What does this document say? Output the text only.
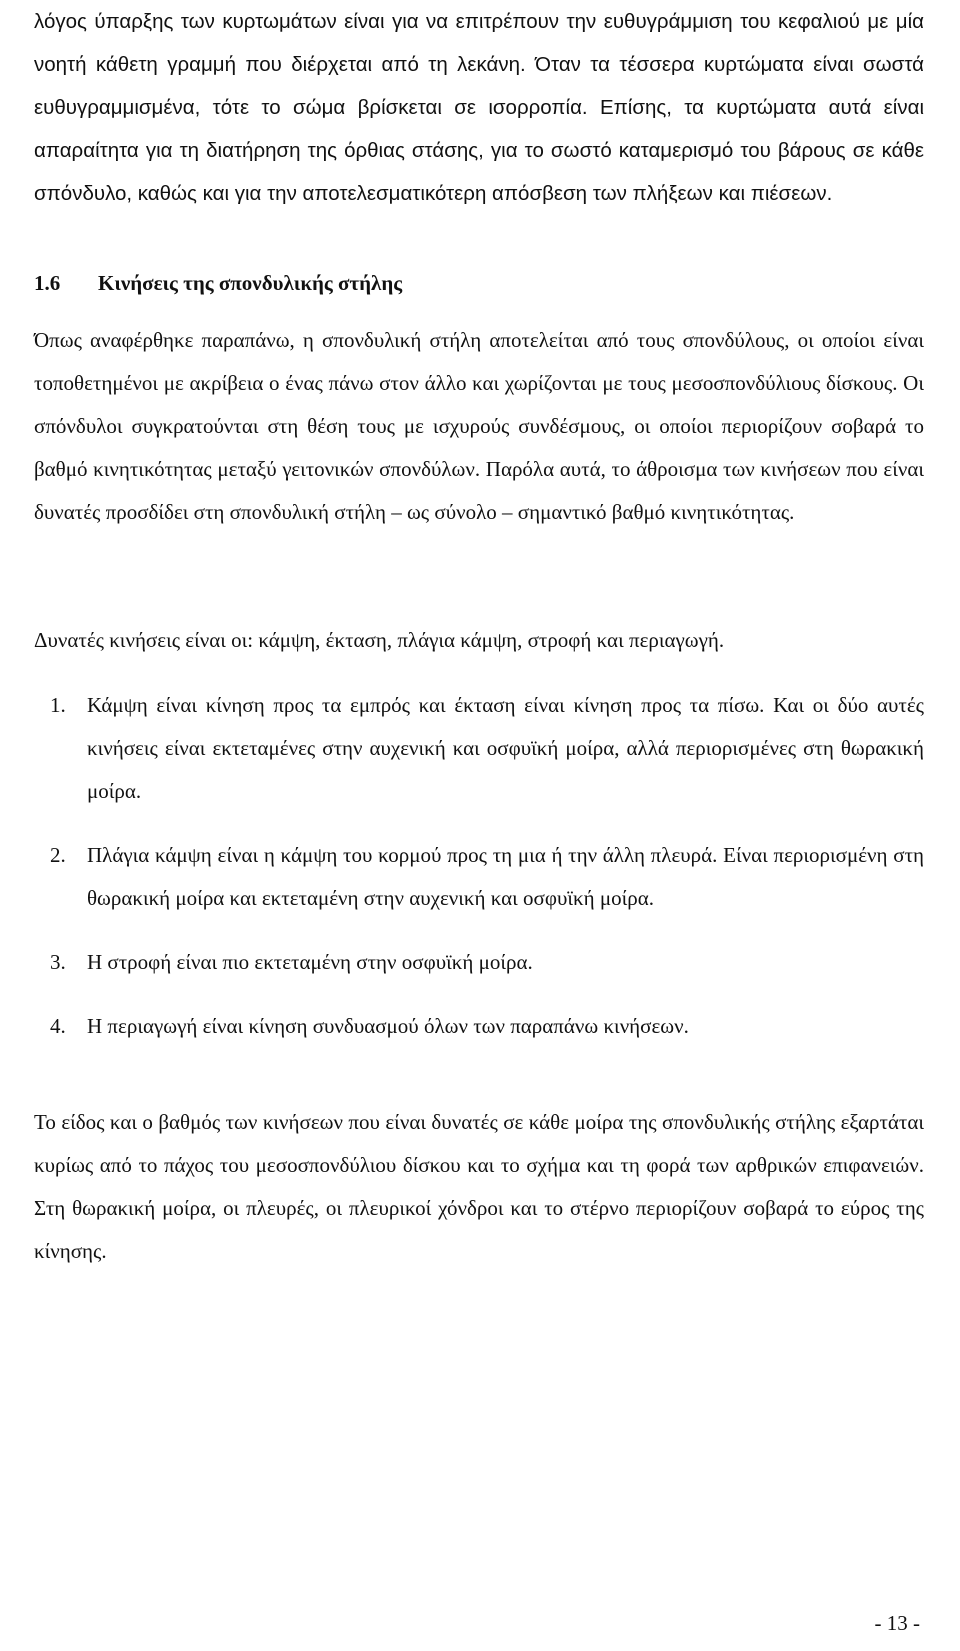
λόγος ύπαρξης των κυρτωμάτων είναι για να επιτρέπουν την ευθυγράμμιση του κεφαλιού με μία νοητή κάθετη γραμμή που διέρχεται από τη λεκάνη. Όταν τα τέσσερα κυρτώματα είναι σωστά ευθυγραμμισμένα, τότε το σώμα βρίσκεται σε ισορροπία. Επίσης, τα κυρτώματα αυτά είναι απαραίτητα για τη διατήρηση της όρθιας στάσης, για το σωστό καταμερισμό του βάρους σε κάθε σπόνδυλο, καθώς και για την αποτελεσματικότερη απόσβεση των πλήξεων και πιέσεων.

1.6 Κινήσεις της σπονδυλικής στήλης

Όπως αναφέρθηκε παραπάνω, η σπονδυλική στήλη αποτελείται από τους σπονδύλους, οι οποίοι είναι τοποθετημένοι με ακρίβεια ο ένας πάνω στον άλλο και χωρίζονται με τους μεσοσπονδύλιους δίσκους. Οι σπόνδυλοι συγκρατούνται στη θέση τους με ισχυρούς συνδέσμους, οι οποίοι περιορίζουν σοβαρά το βαθμό κινητικότητας μεταξύ γειτονικών σπονδύλων. Παρόλα αυτά, το άθροισμα των κινήσεων που είναι δυνατές προσδίδει στη σπονδυλική στήλη – ως σύνολο – σημαντικό βαθμό κινητικότητας.

Δυνατές κινήσεις είναι οι: κάμψη, έκταση, πλάγια κάμψη, στροφή και περιαγωγή.

1. Κάμψη είναι κίνηση προς τα εμπρός και έκταση είναι κίνηση προς τα πίσω. Και οι δύο αυτές κινήσεις είναι εκτεταμένες στην αυχενική και οσφυϊκή μοίρα, αλλά περιορισμένες στη θωρακική μοίρα.
2. Πλάγια κάμψη είναι η κάμψη του κορμού προς τη μια ή την άλλη πλευρά. Είναι περιορισμένη στη θωρακική μοίρα και εκτεταμένη στην αυχενική και οσφυϊκή μοίρα.
3. Η στροφή είναι πιο εκτεταμένη στην οσφυϊκή μοίρα.
4. Η περιαγωγή είναι κίνηση συνδυασμού όλων των παραπάνω κινήσεων.

Το είδος και ο βαθμός των κινήσεων που είναι δυνατές σε κάθε μοίρα της σπονδυλικής στήλης εξαρτάται κυρίως από το πάχος του μεσοσπονδύλιου δίσκου και το σχήμα και τη φορά των αρθρικών επιφανειών. Στη θωρακική μοίρα, οι πλευρές, οι πλευρικοί χόνδροι και το στέρνο περιορίζουν σοβαρά το εύρος της κίνησης.

- 13 -
